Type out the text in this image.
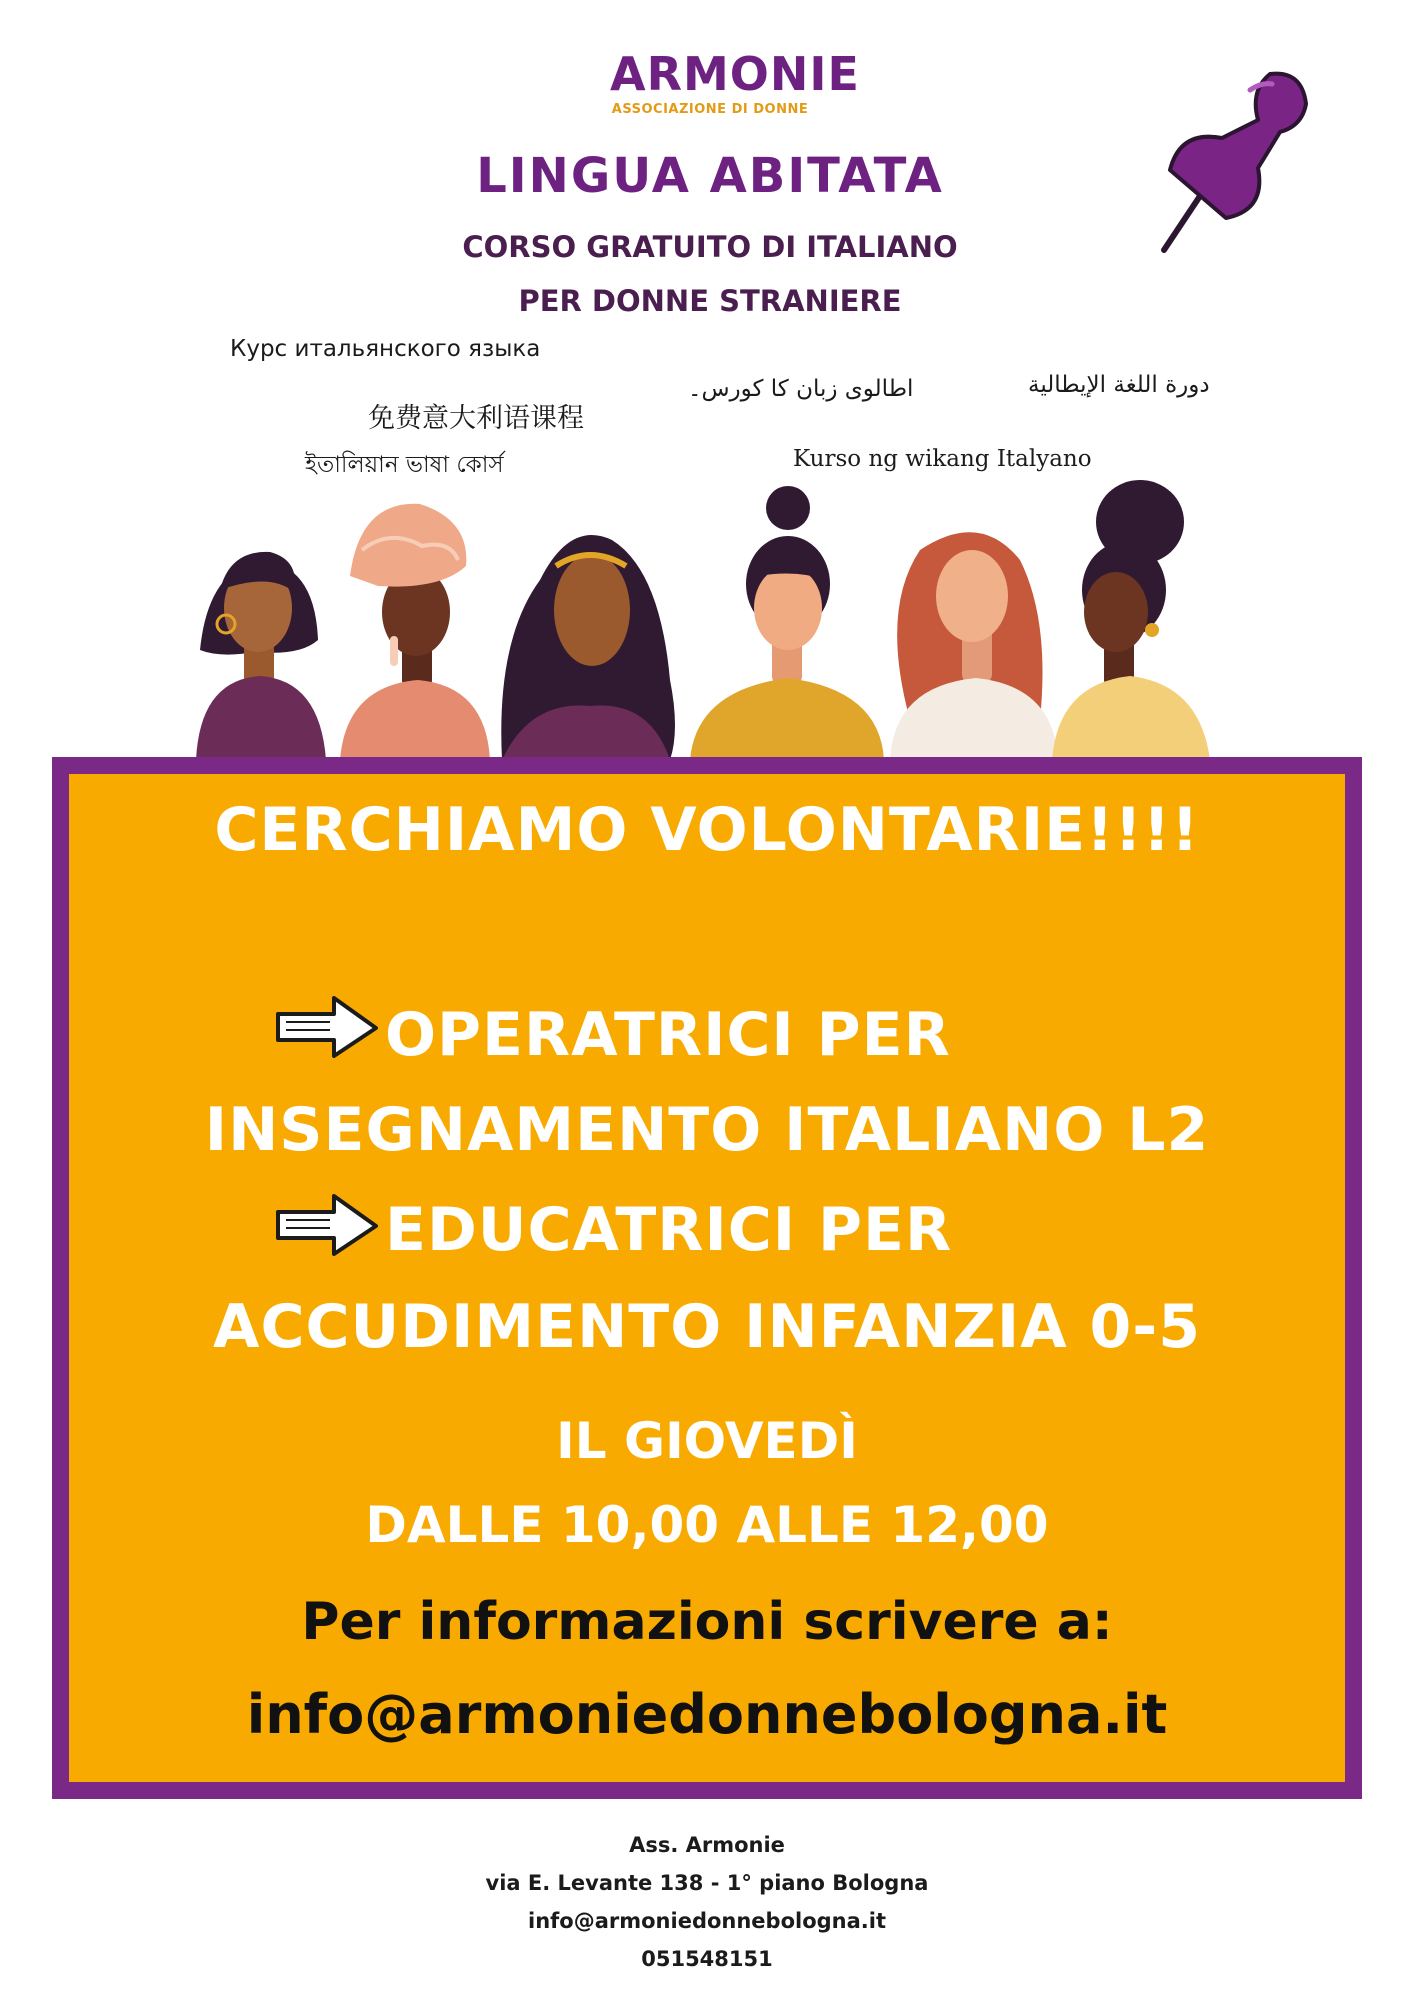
ARMONIE
ASSOCIAZIONE DI DONNE
LINGUA ABITATA
CORSO GRATUITO DI ITALIANO
PER DONNE STRANIERE
Курс итальянского языка
免费意大利语课程
اطالوی زبان کا کورس۔	دورة اللغة الإيطالية
ইতালিয়ান ভাষা কোর্স	Kurso ng wikang Italyano
CERCHIAMO VOLONTARIE!!!!
OPERATRICI PER
INSEGNAMENTO ITALIANO L2
EDUCATRICI PER
ACCUDIMENTO INFANZIA 0-5
IL GIOVEDÌ
DALLE 10,00 ALLE 12,00
Per informazioni scrivere a:
info@armoniedonnebologna.it
Ass. Armonie
via E. Levante 138 - 1° piano Bologna
info@armoniedonnebologna.it
051548151
